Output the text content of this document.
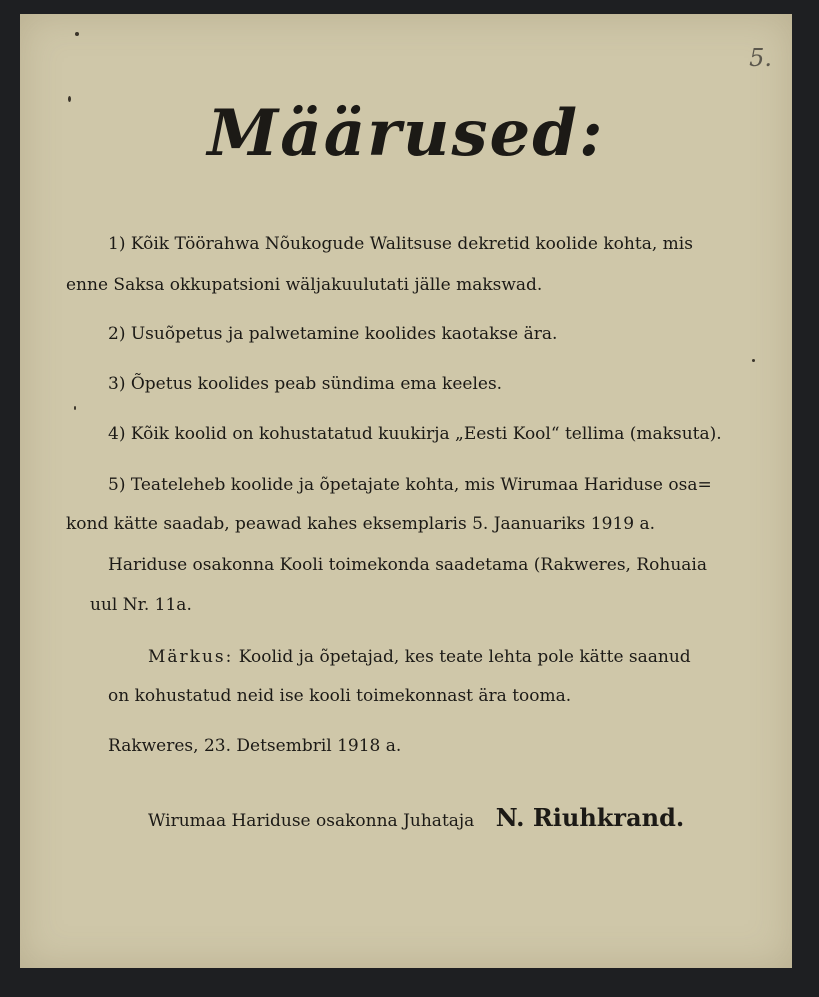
5.
Määrused:
1) Kõik Töörahwa Nõukogude Walitsuse dekretid koolide kohta, mis
enne Saksa okkupatsioni wäljakuulutati jälle makswad.
2) Usuõpetus ja palwetamine koolides kaotakse ära.
3) Õpetus koolides peab sündima ema keeles.
4) Kõik koolid on kohustatatud kuukirja „Eesti Kool“ tellima (maksuta).
5) Teateleheb koolide ja õpetajate kohta, mis Wirumaa Hariduse osa=
kond kätte saadab, peawad kahes eksemplaris 5. Jaanuariks 1919 a.
Hariduse osakonna Kooli toimekonda saadetama (Rakweres, Rohuaia
uul Nr. 11a.
Märkus: Koolid ja õpetajad, kes teate lehta pole kätte saanud
on kohustatud neid ise kooli toimekonnast ära tooma.
Rakweres, 23. Detsembril 1918 a.
Wirumaa Hariduse osakonna Juhataja N. Riuhkrand.
